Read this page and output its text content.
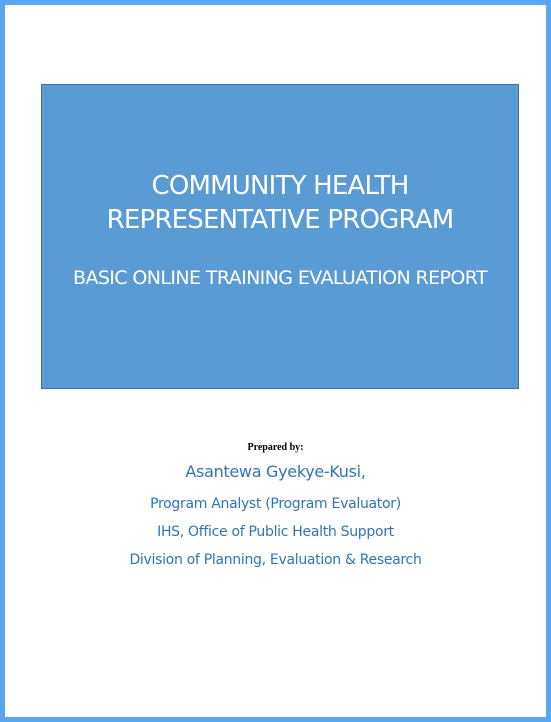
COMMUNITY HEALTH
REPRESENTATIVE PROGRAM
BASIC ONLINE TRAINING EVALUATION REPORT
Prepared by:
Asantewa Gyekye-Kusi,
Program Analyst (Program Evaluator)
IHS, Office of Public Health Support
Division of Planning, Evaluation & Research
